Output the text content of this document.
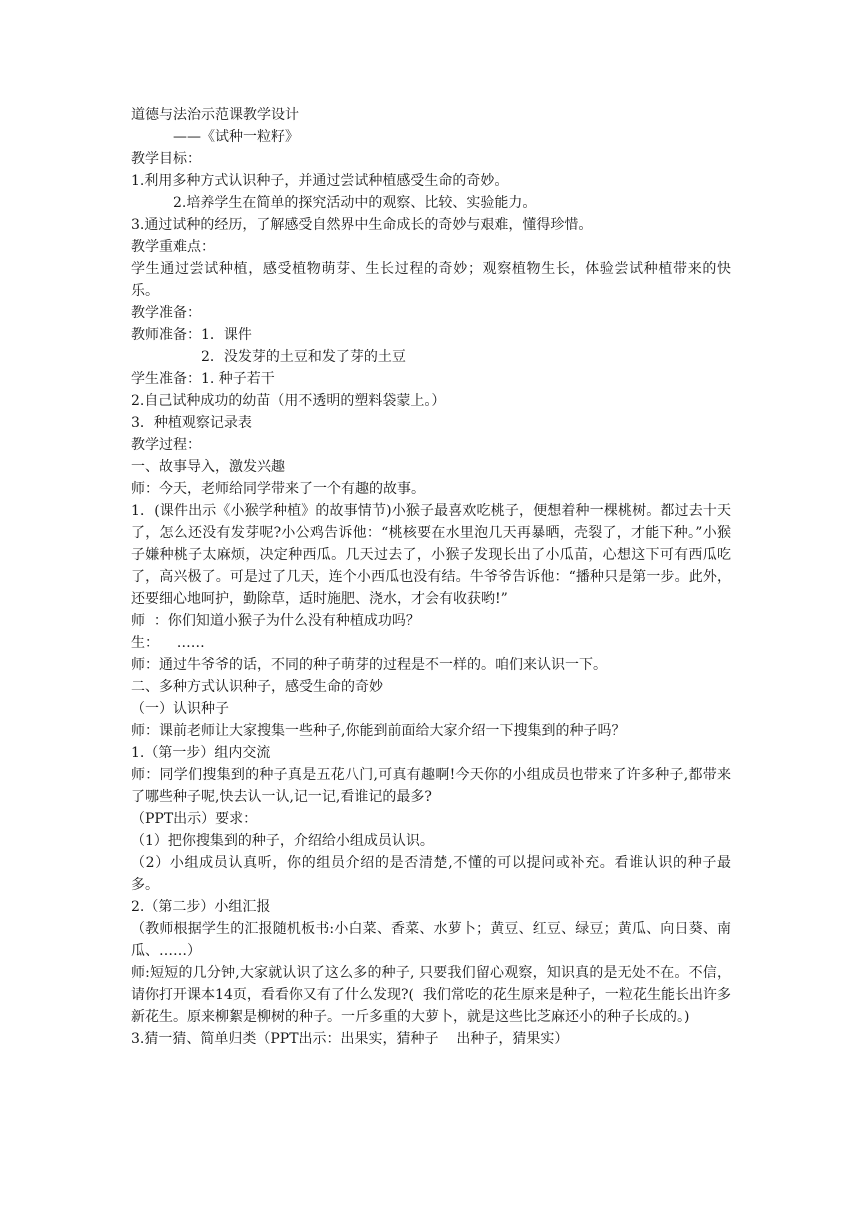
道德与法治示范课教学设计

——《试种一粒籽》

教学目标：

1.利用多种方式认识种子，并通过尝试种植感受生命的奇妙。

2.培养学生在简单的探究活动中的观察、比较、实验能力。

3.通过试种的经历，了解感受自然界中生命成长的奇妙与艰难，懂得珍惜。

教学重难点：

学生通过尝试种植，感受植物萌芽、生长过程的奇妙；观察植物生长，体验尝试种植带来的快乐。

教学准备：

教师准备：1．课件

2．没发芽的土豆和发了芽的土豆

学生准备：1. 种子若干

2.自己试种成功的幼苗（用不透明的塑料袋蒙上。）

3．种植观察记录表

教学过程：

一、故事导入，激发兴趣

师：今天，老师给同学带来了一个有趣的故事。

1．(课件出示《小猴学种植》的故事情节)小猴子最喜欢吃桃子，便想着种一棵桃树。都过去十天了，怎么还没有发芽呢?小公鸡告诉他：“桃核要在水里泡几天再暴晒，壳裂了，才能下种。”小猴子嫌种桃子太麻烦，决定种西瓜。几天过去了，小猴子发现长出了小瓜苗，心想这下可有西瓜吃了，高兴极了。可是过了几天，连个小西瓜也没有结。牛爷爷告诉他：“播种只是第一步。此外，还要细心地呵护，勤除草，适时施肥、浇水，才会有收获哟!”

师  ：你们知道小猴子为什么没有种植成功吗？

生：    ……

师：通过牛爷爷的话，不同的种子萌芽的过程是不一样的。咱们来认识一下。

二、多种方式认识种子，感受生命的奇妙

（一）认识种子

师：课前老师让大家搜集一些种子,你能到前面给大家介绍一下搜集到的种子吗？

1.（第一步）组内交流

师：同学们搜集到的种子真是五花八门,可真有趣啊!今天你的小组成员也带来了许多种子,都带来了哪些种子呢,快去认一认,记一记,看谁记的最多?

（PPT出示）要求：

（1）把你搜集到的种子，介绍给小组成员认识。

（2）小组成员认真听，你的组员介绍的是否清楚,不懂的可以提问或补充。看谁认识的种子最多。

2.（第二步）小组汇报

（教师根据学生的汇报随机板书:小白菜、香菜、水萝卜；黄豆、红豆、绿豆；黄瓜、向日葵、南瓜、……）

师:短短的几分钟,大家就认识了这么多的种子, 只要我们留心观察，知识真的是无处不在。不信，请你打开课本14页，看看你又有了什么发现?(  我们常吃的花生原来是种子，一粒花生能长出许多新花生。原来柳絮是柳树的种子。一斤多重的大萝卜，就是这些比芝麻还小的种子长成的。)

3.猜一猜、简单归类（PPT出示：出果实，猜种子    出种子，猜果实）
